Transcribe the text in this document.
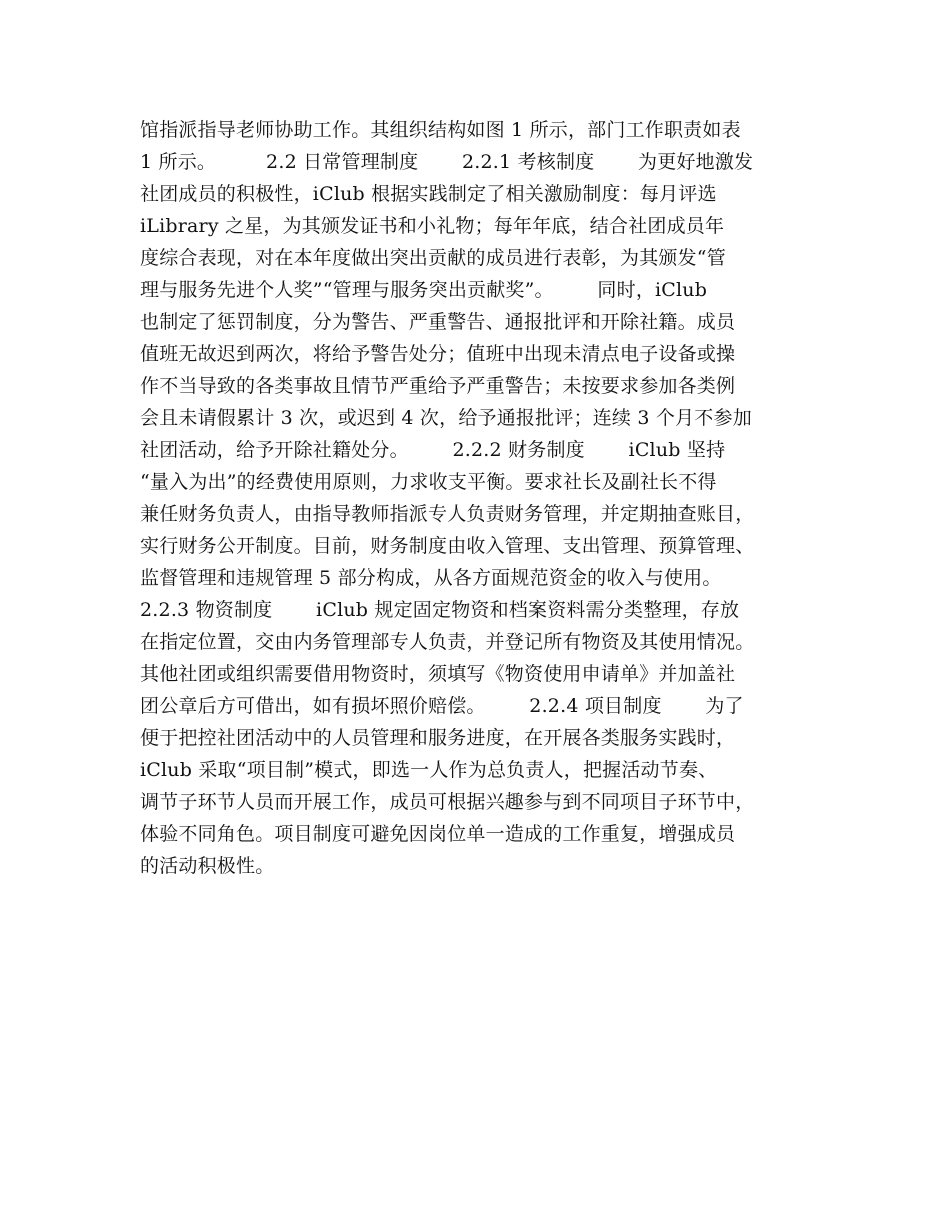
馆指派指导老师协助工作。其组织结构如图 1 所示，部门工作职责如表
1 所示。        2.2 日常管理制度       2.2.1 考核制度       为更好地激发
社团成员的积极性，iClub 根据实践制定了相关激励制度：每月评选
iLibrary 之星，为其颁发证书和小礼物；每年年底，结合社团成员年
度综合表现，对在本年度做出突出贡献的成员进行表彰，为其颁发“管
理与服务先进个人奖”“管理与服务突出贡献奖”。       同时，iClub
也制定了惩罚制度，分为警告、严重警告、通报批评和开除社籍。成员
值班无故迟到两次，将给予警告处分；值班中出现未清点电子设备或操
作不当导致的各类事故且情节严重给予严重警告；未按要求参加各类例
会且未请假累计 3 次，或迟到 4 次，给予通报批评；连续 3 个月不参加
社团活动，给予开除社籍处分。       2.2.2 财务制度       iClub 坚持
“量入为出”的经费使用原则，力求收支平衡。要求社长及副社长不得
兼任财务负责人，由指导教师指派专人负责财务管理，并定期抽查账目，
实行财务公开制度。目前，财务制度由收入管理、支出管理、预算管理、
监督管理和违规管理 5 部分构成，从各方面规范资金的收入与使用。
2.2.3 物资制度       iClub 规定固定物资和档案资料需分类整理，存放
在指定位置，交由内务管理部专人负责，并登记所有物资及其使用情况。
其他社团或组织需要借用物资时，须填写《物资使用申请单》并加盖社
团公章后方可借出，如有损坏照价赔偿。       2.2.4 项目制度       为了
便于把控社团活动中的人员管理和服务进度，在开展各类服务实践时，
iClub 采取“项目制”模式，即选一人作为总负责人，把握活动节奏、
调节子环节人员而开展工作，成员可根据兴趣参与到不同项目子环节中，
体验不同角色。项目制度可避免因岗位单一造成的工作重复，增强成员
的活动积极性。
